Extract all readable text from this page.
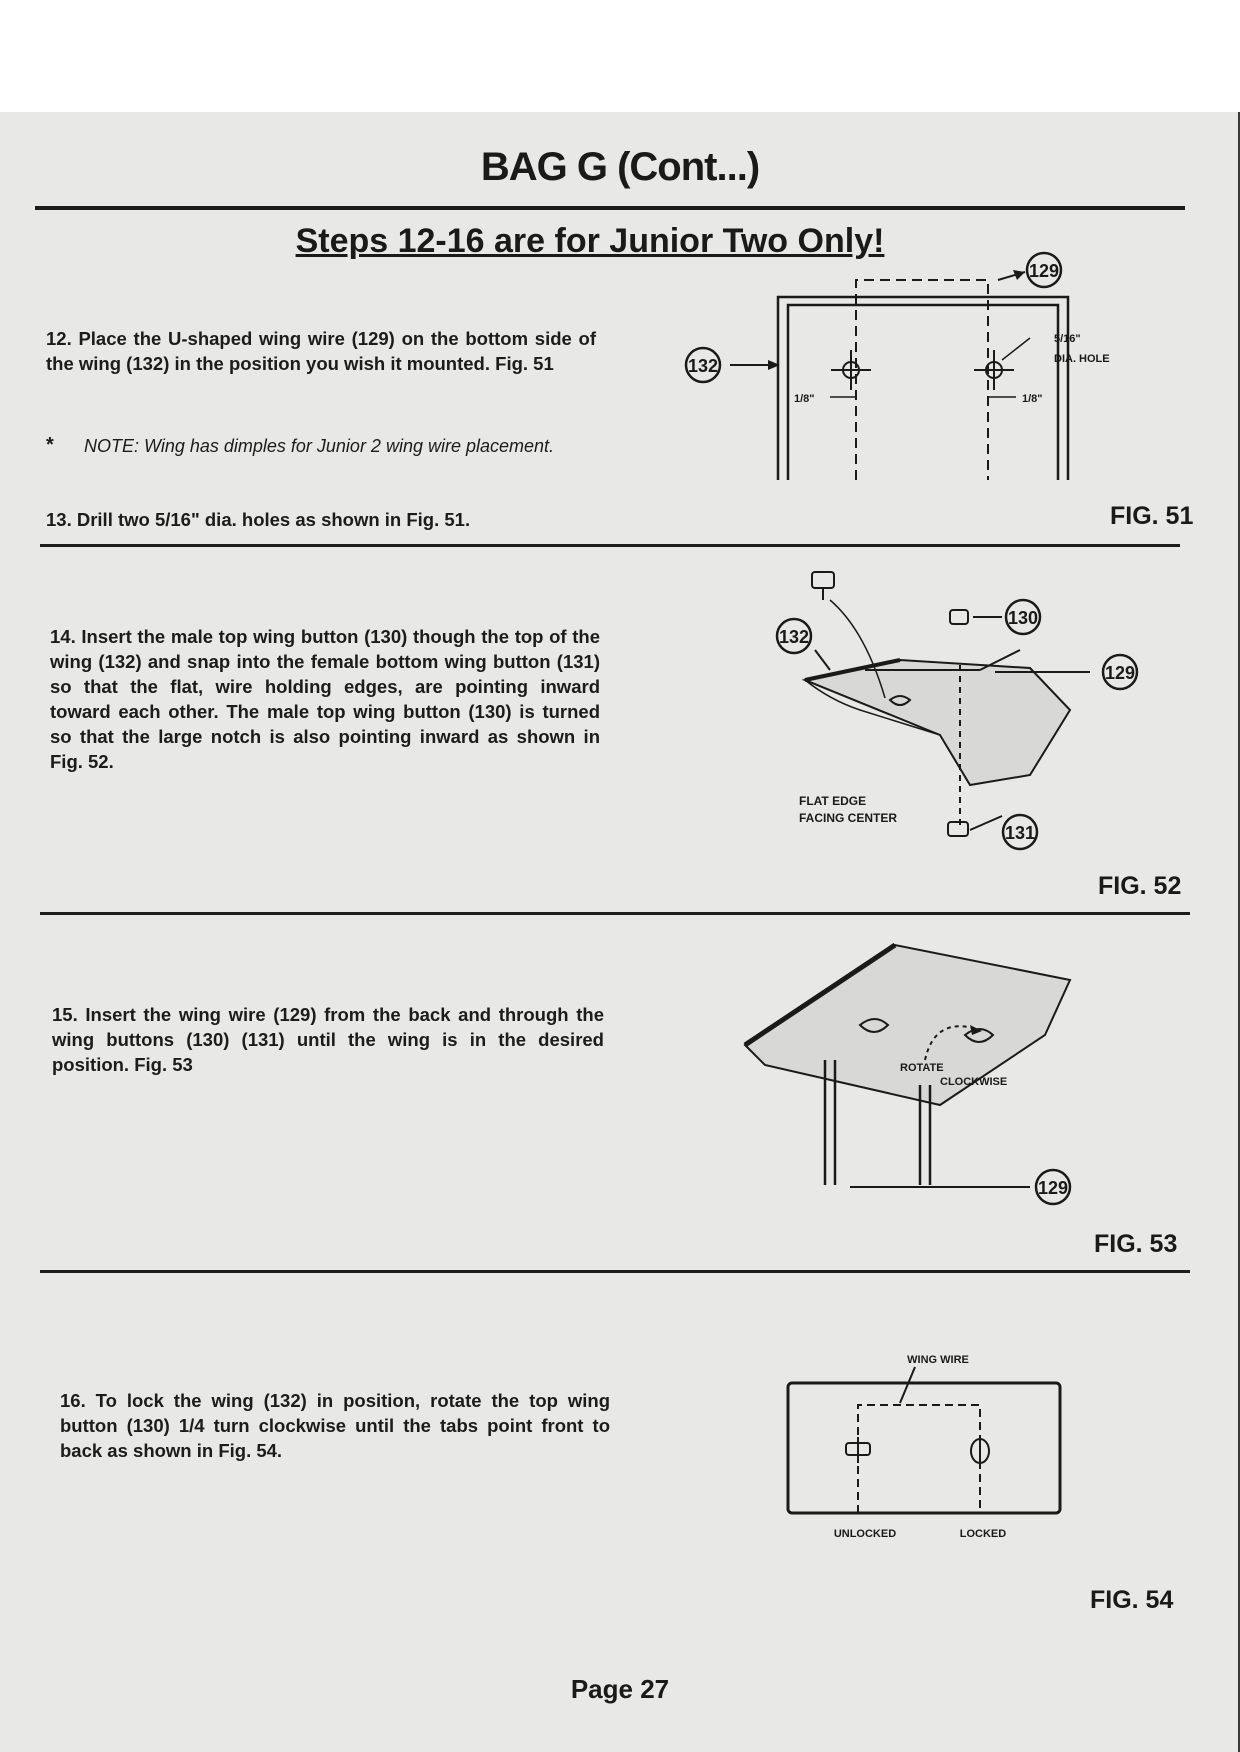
BAG G (Cont...)
Steps 12-16 are for Junior Two Only!
12. Place the U-shaped wing wire (129) on the bottom side of the wing (132) in the position you wish it mounted. Fig. 51
* NOTE: Wing has dimples for Junior 2 wing wire placement.
13. Drill two 5/16" dia. holes as shown in Fig. 51.
129
132
5/16"
DIA. HOLE
1/8"	1/8"
FIG. 51
14. Insert the male top wing button (130) though the top of the wing (132) and snap into the female bottom wing button (131) so that the flat, wire holding edges, are pointing inward toward each other. The male top wing button (130) is turned so that the large notch is also pointing inward as shown in Fig. 52.
130
132
129
131
FLAT EDGE
FACING CENTER
FIG. 52
15. Insert the wing wire (129) from the back and through the wing buttons (130) (131) until the wing is in the desired position. Fig. 53	ROTATE
CLOCKWISE
129
FIG. 53
16. To lock the wing (132) in position, rotate the top wing button (130) 1/4 turn clockwise until the tabs point front to back as shown in Fig. 54.
WING WIRE
UNLOCKED	LOCKED
FIG. 54
Page 27
